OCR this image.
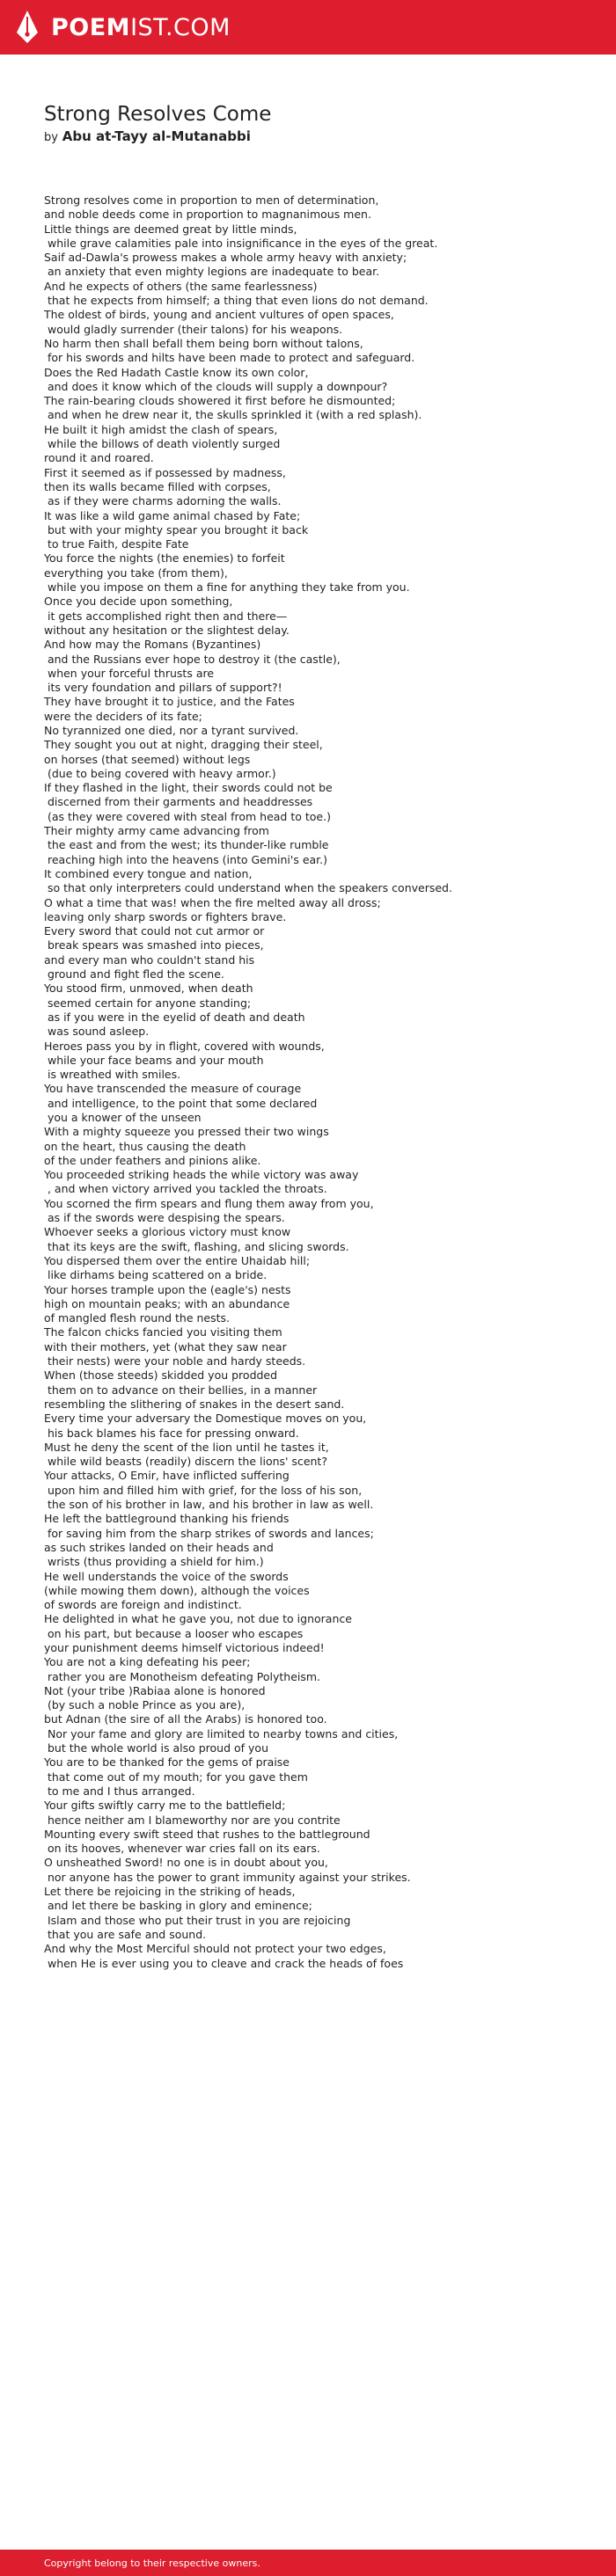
POEMIST.COM
Strong Resolves Come
by Abu at-Tayy al-Mutanabbi
Strong resolves come in proportion to men of determination,
and noble deeds come in proportion to magnanimous men.
Little things are deemed great by little minds,
while grave calamities pale into insignificance in the eyes of the great.
Saif ad-Dawla's prowess makes a whole army heavy with anxiety;
an anxiety that even mighty legions are inadequate to bear.
And he expects of others (the same fearlessness)
that he expects from himself; a thing that even lions do not demand.
The oldest of birds, young and ancient vultures of open spaces,
would gladly surrender (their talons) for his weapons.
No harm then shall befall them being born without talons,
for his swords and hilts have been made to protect and safeguard.
Does the Red Hadath Castle know its own color,
and does it know which of the clouds will supply a downpour?
The rain-bearing clouds showered it first before he dismounted;
and when he drew near it, the skulls sprinkled it (with a red splash).
He built it high amidst the clash of spears,
while the billows of death violently surged
round it and roared.
First it seemed as if possessed by madness,
then its walls became filled with corpses,
as if they were charms adorning the walls.
It was like a wild game animal chased by Fate;
but with your mighty spear you brought it back
to true Faith, despite Fate
You force the nights (the enemies) to forfeit
everything you take (from them),
while you impose on them a fine for anything they take from you.
Once you decide upon something,
it gets accomplished right then and there—
without any hesitation or the slightest delay.
And how may the Romans (Byzantines)
and the Russians ever hope to destroy it (the castle),
when your forceful thrusts are
its very foundation and pillars of support?!
They have brought it to justice, and the Fates
were the deciders of its fate;
No tyrannized one died, nor a tyrant survived.
They sought you out at night, dragging their steel,
on horses (that seemed) without legs
(due to being covered with heavy armor.)
If they flashed in the light, their swords could not be
discerned from their garments and headdresses
(as they were covered with steal from head to toe.)
Their mighty army came advancing from
the east and from the west; its thunder-like rumble
reaching high into the heavens (into Gemini's ear.)
It combined every tongue and nation,
so that only interpreters could understand when the speakers conversed.
O what a time that was! when the fire melted away all dross;
leaving only sharp swords or fighters brave.
Every sword that could not cut armor or
break spears was smashed into pieces,
and every man who couldn't stand his
ground and fight fled the scene.
You stood firm, unmoved, when death
seemed certain for anyone standing;
as if you were in the eyelid of death and death
was sound asleep.
Heroes pass you by in flight, covered with wounds,
while your face beams and your mouth
is wreathed with smiles.
You have transcended the measure of courage
and intelligence, to the point that some declared
you a knower of the unseen
With a mighty squeeze you pressed their two wings
on the heart, thus causing the death
of the under feathers and pinions alike.
You proceeded striking heads the while victory was away
, and when victory arrived you tackled the throats.
You scorned the firm spears and flung them away from you,
as if the swords were despising the spears.
Whoever seeks a glorious victory must know
that its keys are the swift, flashing, and slicing swords.
You dispersed them over the entire Uhaidab hill;
like dirhams being scattered on a bride.
Your horses trample upon the (eagle's) nests
high on mountain peaks; with an abundance
of mangled flesh round the nests.
The falcon chicks fancied you visiting them
with their mothers, yet (what they saw near
their nests) were your noble and hardy steeds.
When (those steeds) skidded you prodded
them on to advance on their bellies, in a manner
resembling the slithering of snakes in the desert sand.
Every time your adversary the Domestique moves on you,
his back blames his face for pressing onward.
Must he deny the scent of the lion until he tastes it,
while wild beasts (readily) discern the lions' scent?
Your attacks, O Emir, have inflicted suffering
upon him and filled him with grief, for the loss of his son,
the son of his brother in law, and his brother in law as well.
He left the battleground thanking his friends
for saving him from the sharp strikes of swords and lances;
as such strikes landed on their heads and
wrists (thus providing a shield for him.)
He well understands the voice of the swords
(while mowing them down), although the voices
of swords are foreign and indistinct.
He delighted in what he gave you, not due to ignorance
on his part, but because a looser who escapes
your punishment deems himself victorious indeed!
You are not a king defeating his peer;
rather you are Monotheism defeating Polytheism.
Not (your tribe )Rabiaa alone is honored
(by such a noble Prince as you are),
but Adnan (the sire of all the Arabs) is honored too.
Nor your fame and glory are limited to nearby towns and cities,
but the whole world is also proud of you
You are to be thanked for the gems of praise
that come out of my mouth; for you gave them
to me and I thus arranged.
Your gifts swiftly carry me to the battlefield;
hence neither am I blameworthy nor are you contrite
Mounting every swift steed that rushes to the battleground
on its hooves, whenever war cries fall on its ears.
O unsheathed Sword! no one is in doubt about you,
nor anyone has the power to grant immunity against your strikes.
Let there be rejoicing in the striking of heads,
and let there be basking in glory and eminence;
Islam and those who put their trust in you are rejoicing
that you are safe and sound.
And why the Most Merciful should not protect your two edges,
when He is ever using you to cleave and crack the heads of foes
Copyright belong to their respective owners.
